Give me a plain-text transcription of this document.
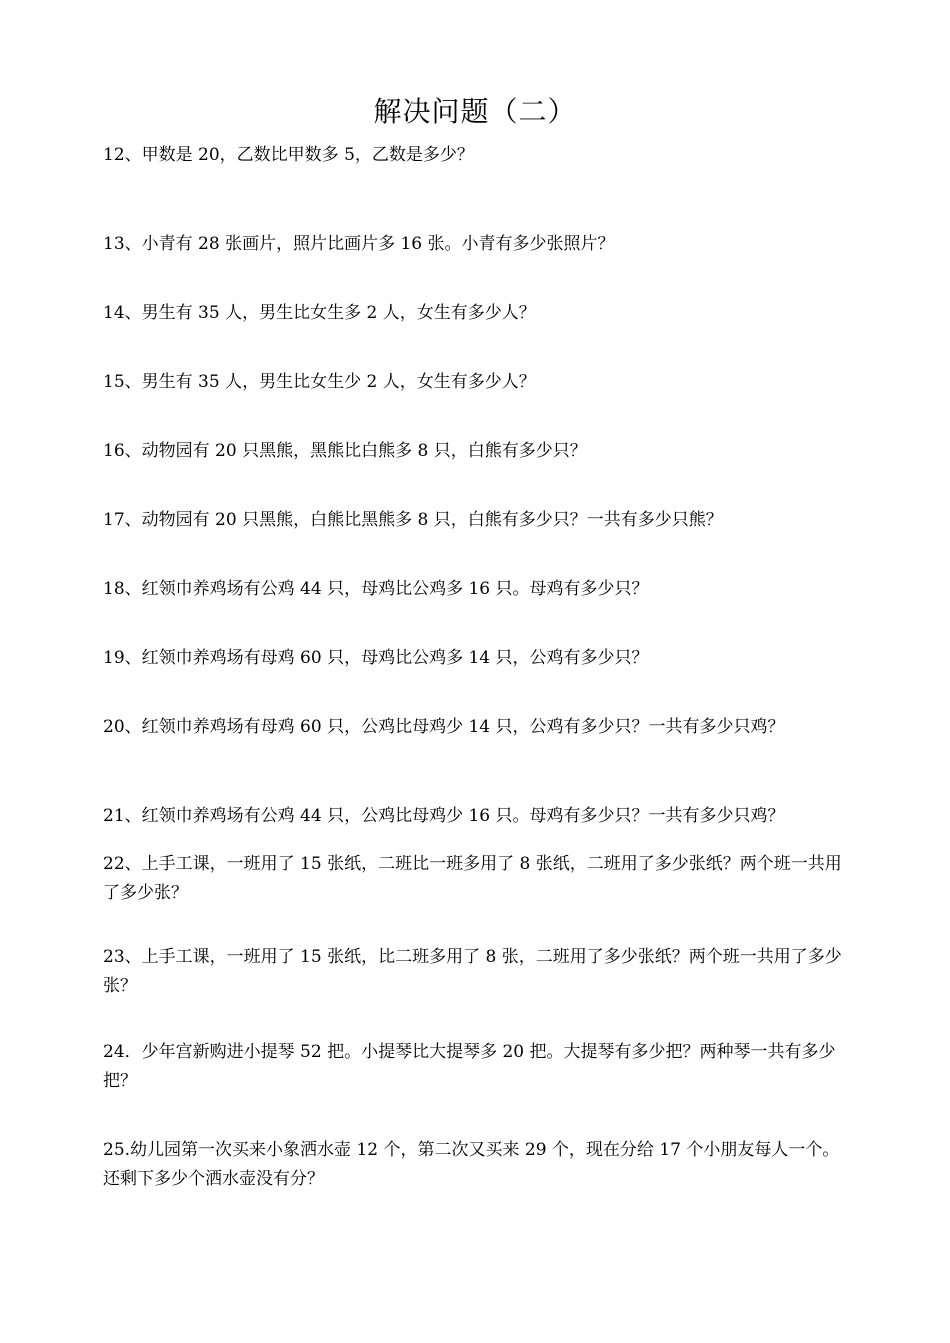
解决问题（二）
12、甲数是 20，乙数比甲数多 5，乙数是多少？
13、小青有 28 张画片，照片比画片多 16 张。小青有多少张照片？
14、男生有 35 人，男生比女生多 2 人，女生有多少人？
15、男生有 35 人，男生比女生少 2 人，女生有多少人？
16、动物园有 20 只黑熊，黑熊比白熊多 8 只，白熊有多少只？
17、动物园有 20 只黑熊，白熊比黑熊多 8 只，白熊有多少只？一共有多少只熊？
18、红领巾养鸡场有公鸡 44 只，母鸡比公鸡多 16 只。母鸡有多少只？
19、红领巾养鸡场有母鸡 60 只，母鸡比公鸡多 14 只，公鸡有多少只？
20、红领巾养鸡场有母鸡 60 只，公鸡比母鸡少 14 只，公鸡有多少只？一共有多少只鸡？
21、红领巾养鸡场有公鸡 44 只，公鸡比母鸡少 16 只。母鸡有多少只？一共有多少只鸡？
22、上手工课，一班用了 15 张纸，二班比一班多用了 8 张纸，二班用了多少张纸？两个班一共用了多少张？
23、上手工课，一班用了 15 张纸，比二班多用了 8 张，二班用了多少张纸？两个班一共用了多少张？
24．少年宫新购进小提琴 52 把。小提琴比大提琴多 20 把。大提琴有多少把？两种琴一共有多少把？
25.幼儿园第一次买来小象洒水壶 12 个，第二次又买来 29 个，现在分给 17 个小朋友每人一个。还剩下多少个洒水壶没有分？
